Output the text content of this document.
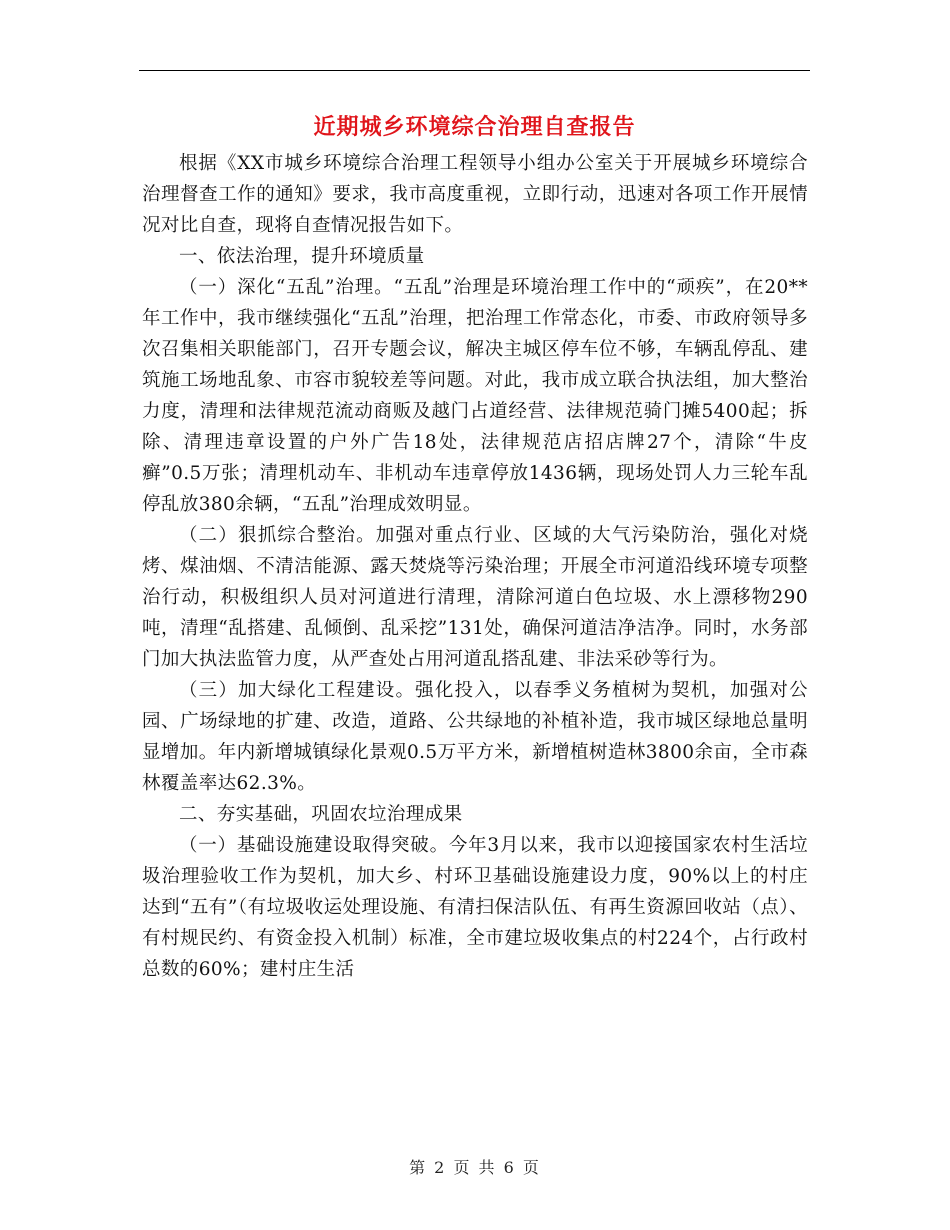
近期城乡环境综合治理自查报告

根据《XX市城乡环境综合治理工程领导小组办公室关于开展城乡环境综合治理督查工作的通知》要求，我市高度重视，立即行动，迅速对各项工作开展情况对比自查，现将自查情况报告如下。

一、依法治理，提升环境质量

（一）深化“五乱”治理。“五乱”治理是环境治理工作中的“顽疾”，在20**年工作中，我市继续强化“五乱”治理，把治理工作常态化，市委、市政府领导多次召集相关职能部门，召开专题会议，解决主城区停车位不够，车辆乱停乱、建筑施工场地乱象、市容市貌较差等问题。对此，我市成立联合执法组，加大整治力度，清理和法律规范流动商贩及越门占道经营、法律规范骑门摊5400起；拆除、清理违章设置的户外广告18处，法律规范店招店牌27个，清除“牛皮癣”0.5万张；清理机动车、非机动车违章停放1436辆，现场处罚人力三轮车乱停乱放380余辆，“五乱”治理成效明显。

（二）狠抓综合整治。加强对重点行业、区域的大气污染防治，强化对烧烤、煤油烟、不清洁能源、露天焚烧等污染治理；开展全市河道沿线环境专项整治行动，积极组织人员对河道进行清理，清除河道白色垃圾、水上漂移物290吨，清理“乱搭建、乱倾倒、乱采挖”131处，确保河道洁净洁净。同时，水务部门加大执法监管力度，从严查处占用河道乱搭乱建、非法采砂等行为。

（三）加大绿化工程建设。强化投入，以春季义务植树为契机，加强对公园、广场绿地的扩建、改造，道路、公共绿地的补植补造，我市城区绿地总量明显增加。年内新增城镇绿化景观0.5万平方米，新增植树造林3800余亩，全市森林覆盖率达62.3%。

二、夯实基础，巩固农垃治理成果

（一）基础设施建设取得突破。今年3月以来，我市以迎接国家农村生活垃圾治理验收工作为契机，加大乡、村环卫基础设施建设力度，90%以上的村庄达到“五有”（有垃圾收运处理设施、有清扫保洁队伍、有再生资源回收站（点）、有村规民约、有资金投入机制）标准，全市建垃圾收集点的村224个，占行政村总数的60%；建村庄生活

第 2 页 共 6 页
